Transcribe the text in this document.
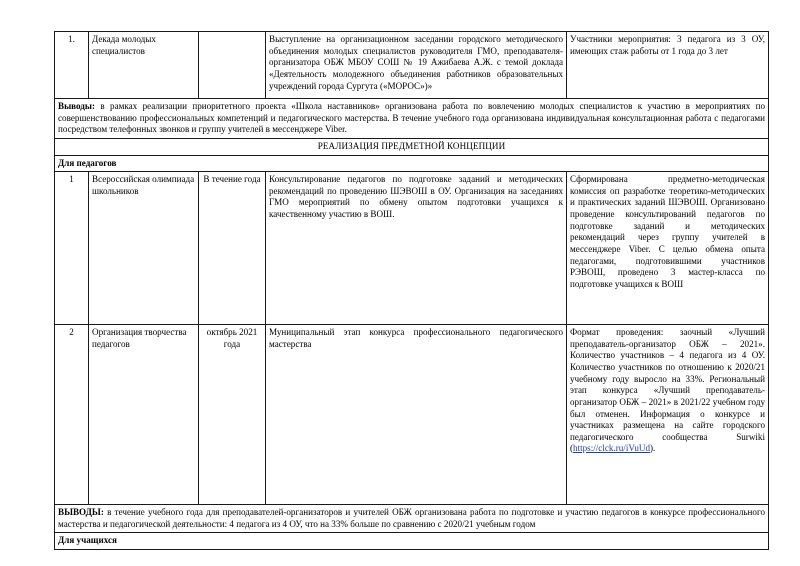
1.	Декада молодых специалистов		Выступление на организационном заседании городского методического объединения молодых специалистов руководителя ГМО, преподавателя-организатора ОБЖ МБОУ СОШ № 19 Ажибаева А.Ж. с темой доклада «Деятельность молодежного объединения работников образовательных учреждений города Сургута («МОРОС»)»	Участники мероприятия: 3 педагога из 3 ОУ, имеющих стаж работы от 1 года до 3 лет
Выводы: в рамках реализации приоритетного проекта «Школа наставников» организована работа по вовлечению молодых специалистов к участию в мероприятиях по совершенствованию профессиональных компетенций и педагогического мастерства. В течение учебного года организована индивидуальная консультационная работа с педагогами посредством телефонных звонков и группу учителей в мессенджере Viber.				
РЕАЛИЗАЦИЯ ПРЕДМЕТНОЙ КОНЦЕПЦИИ				
Для педагогов				
1	Всероссийская олимпиада школьников	В течение года	Консультирование педагогов по подготовке заданий и методических рекомендаций по проведению ШЭВОШ в ОУ. Организация на заседаниях ГМО мероприятий по обмену опытом подготовки учащихся к качественному участию в ВОШ.	Сформирована предметно-методическая комиссия оп разработке теоретико-методических и практических заданий ШЭВОШ. Организовано проведение консультирований педагогов по подготовке заданий и методических рекомендаций через группу учителей в мессенджере Viber. С целью обмена опыта педагогами, подготовившими участников РЭВОШ, проведено 3 мастер-класса по подготовке учащихся к ВОШ
2	Организация творчества педагогов	октябрь 2021 года	Муниципальный этап конкурса профессионального педагогического мастерства	Формат проведения: заочный «Лучший преподаватель-организатор ОБЖ – 2021». Количество участников – 4 педагога из 4 ОУ. Количество участников по отношению к 2020/21 учебному году выросло на 33%. Региональный этап конкурса «Лучший преподаватель-организатор ОБЖ – 2021» в 2021/22 учебном году был отменен. Информация о конкурсе и участниках размещена на сайте городского педагогического сообщества Surwiki (https://clck.ru/iVuUd).
ВЫВОДЫ: в течение учебного года для преподавателей-организаторов и учителей ОБЖ организована работа по подготовке и участию педагогов в конкурсе профессионального мастерства и педагогической деятельности: 4 педагога из 4 ОУ, что на 33% больше по сравнению с 2020/21 учебным годом				
Для учащихся				
